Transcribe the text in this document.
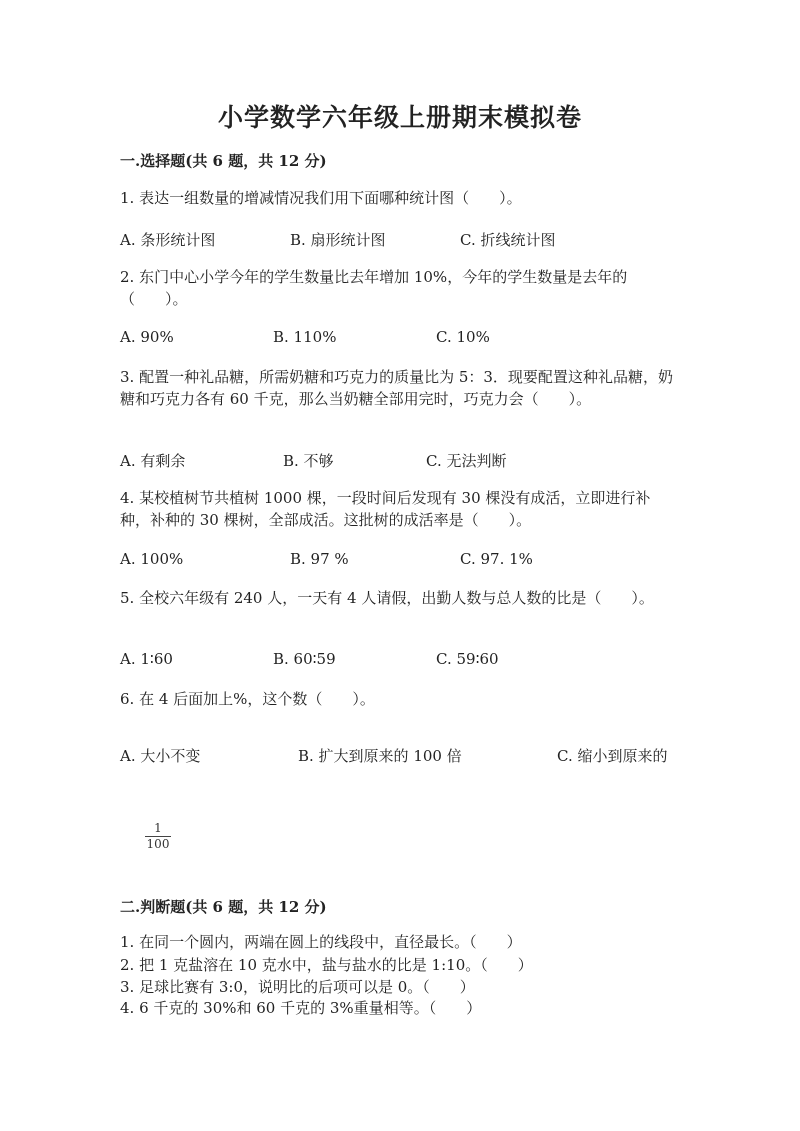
小学数学六年级上册期末模拟卷
一.选择题(共 6 题，共 12 分)
1. 表达一组数量的增减情况我们用下面哪种统计图（　　）。
A. 条形统计图	B. 扇形统计图	C. 折线统计图
2. 东门中心小学今年的学生数量比去年增加 10%，今年的学生数量是去年的（　　）。
A. 90%	B. 110%	C. 10%
3. 配置一种礼品糖，所需奶糖和巧克力的质量比为 5：3．现要配置这种礼品糖，奶糖和巧克力各有 60 千克，那么当奶糖全部用完时，巧克力会（　　）。
A. 有剩余	B. 不够	C. 无法判断
4. 某校植树节共植树 1000 棵，一段时间后发现有 30 棵没有成活，立即进行补种，补种的 30 棵树，全部成活。这批树的成活率是（　　）。
A. 100%	B. 97 %	C. 97. 1%
5. 全校六年级有 240 人，一天有 4 人请假，出勤人数与总人数的比是（　　）。
A. 1∶60	B. 60∶59	C. 59∶60
6. 在 4 后面加上%，这个数（　　）。
A. 大小不变	B. 扩大到原来的 100 倍	C. 缩小到原来的
1
100
二.判断题(共 6 题，共 12 分)
1. 在同一个圆内，两端在圆上的线段中，直径最长。（　　）
2. 把 1 克盐溶在 10 克水中，盐与盐水的比是 1:10。（　　）
3. 足球比赛有 3:0，说明比的后项可以是 0。（　　）
4. 6 千克的 30%和 60 千克的 3%重量相等。（　　）
